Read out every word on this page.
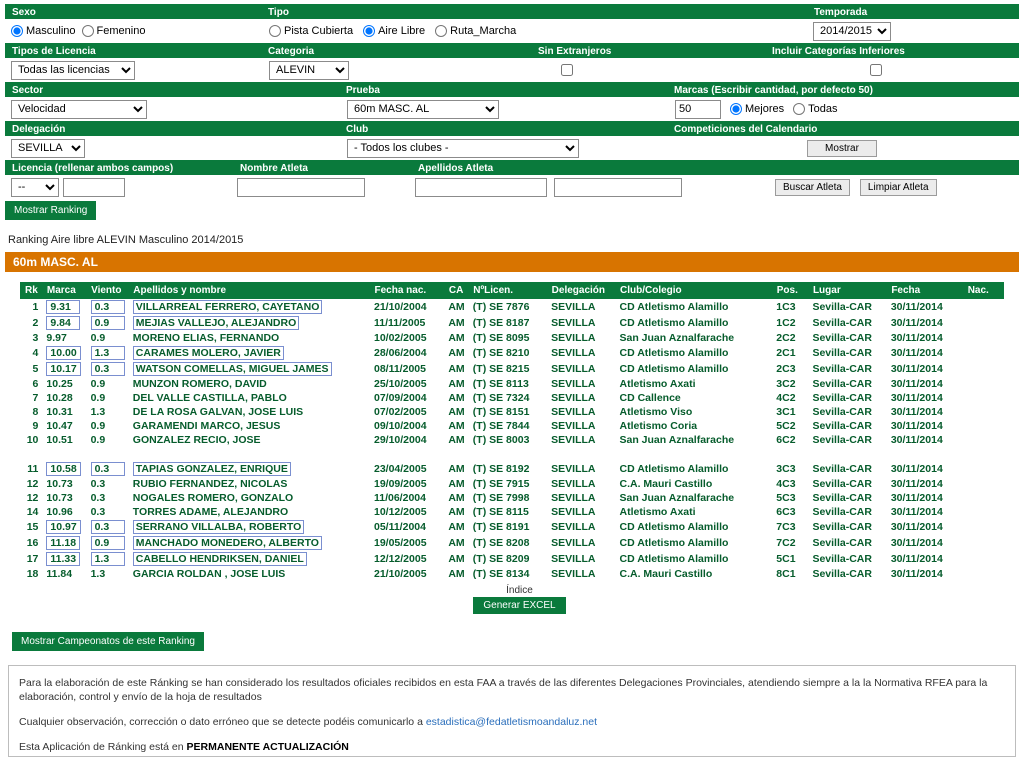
Sexo
Masculino Femenino
Tipo
Pista Cubierta Aire Libre Ruta_Marcha
Temporada
2014/2015
Tipos de Licencia
Todas las licencias	Categoria
ALEVIN	Sin Extranjeros	Incluir Categorías Inferiores
Sector
Velocidad	Prueba
60m MASC. AL	Marcas (Escribir cantidad, por defecto 50)
50
Mejores Todas
Delegación
SEVILLA	Club
- Todos los clubes -	Competiciones del Calendario
Mostrar
Licencia (rellenar ambos campos)
--	Nombre Atleta	Apellidos Atleta

Buscar Atleta	Limpiar Atleta
Mostrar Ranking
Ranking Aire libre ALEVIN Masculino 2014/2015
60m MASC. AL
Rk	Marca	Viento	Apellidos y nombre	Fecha nac.	CA	NºLicen.	Delegación	Club/Colegio	Pos.	Lugar	Fecha	Nac.
1	9.31	0.3	VILLARREAL FERRERO, CAYETANO	21/10/2004	AM	(T) SE 7876	SEVILLA	CD Atletismo Alamillo	1C3	Sevilla-CAR	30/11/2014	
2	9.84	0.9	MEJIAS VALLEJO, ALEJANDRO	11/11/2005	AM	(T) SE 8187	SEVILLA	CD Atletismo Alamillo	1C2	Sevilla-CAR	30/11/2014	
3	9.97	0.9	MORENO ELIAS, FERNANDO	10/02/2005	AM	(T) SE 8095	SEVILLA	San Juan Aznalfarache	2C2	Sevilla-CAR	30/11/2014	
4	10.00	1.3	CARAMES MOLERO, JAVIER	28/06/2004	AM	(T) SE 8210	SEVILLA	CD Atletismo Alamillo	2C1	Sevilla-CAR	30/11/2014	
5	10.17	0.3	WATSON COMELLAS, MIGUEL JAMES	08/11/2005	AM	(T) SE 8215	SEVILLA	CD Atletismo Alamillo	2C3	Sevilla-CAR	30/11/2014	
6	10.25	0.9	MUNZON ROMERO, DAVID	25/10/2005	AM	(T) SE 8113	SEVILLA	Atletismo Axati	3C2	Sevilla-CAR	30/11/2014	
7	10.28	0.9	DEL VALLE CASTILLA, PABLO	07/09/2004	AM	(T) SE 7324	SEVILLA	CD Callence	4C2	Sevilla-CAR	30/11/2014	
8	10.31	1.3	DE LA ROSA GALVAN, JOSE LUIS	07/02/2005	AM	(T) SE 8151	SEVILLA	Atletismo Viso	3C1	Sevilla-CAR	30/11/2014	
9	10.47	0.9	GARAMENDI MARCO, JESUS	09/10/2004	AM	(T) SE 7844	SEVILLA	Atletismo Coria	5C2	Sevilla-CAR	30/11/2014	
10	10.51	0.9	GONZALEZ RECIO, JOSE	29/10/2004	AM	(T) SE 8003	SEVILLA	San Juan Aznalfarache	6C2	Sevilla-CAR	30/11/2014	

11	10.58	0.3	TAPIAS GONZALEZ, ENRIQUE	23/04/2005	AM	(T) SE 8192	SEVILLA	CD Atletismo Alamillo	3C3	Sevilla-CAR	30/11/2014	
12	10.73	0.3	RUBIO FERNANDEZ, NICOLAS	19/09/2005	AM	(T) SE 7915	SEVILLA	C.A. Mauri Castillo	4C3	Sevilla-CAR	30/11/2014	
12	10.73	0.3	NOGALES ROMERO, GONZALO	11/06/2004	AM	(T) SE 7998	SEVILLA	San Juan Aznalfarache	5C3	Sevilla-CAR	30/11/2014	
14	10.96	0.3	TORRES ADAME, ALEJANDRO	10/12/2005	AM	(T) SE 8115	SEVILLA	Atletismo Axati	6C3	Sevilla-CAR	30/11/2014	
15	10.97	0.3	SERRANO VILLALBA, ROBERTO	05/11/2004	AM	(T) SE 8191	SEVILLA	CD Atletismo Alamillo	7C3	Sevilla-CAR	30/11/2014	
16	11.18	0.9	MANCHADO MONEDERO, ALBERTO	19/05/2005	AM	(T) SE 8208	SEVILLA	CD Atletismo Alamillo	7C2	Sevilla-CAR	30/11/2014	
17	11.33	1.3	CABELLO HENDRIKSEN, DANIEL	12/12/2005	AM	(T) SE 8209	SEVILLA	CD Atletismo Alamillo	5C1	Sevilla-CAR	30/11/2014	
18	11.84	1.3	GARCIA ROLDAN , JOSE LUIS	21/10/2005	AM	(T) SE 8134	SEVILLA	C.A. Mauri Castillo	8C1	Sevilla-CAR	30/11/2014	
Índice
Generar EXCEL
Mostrar Campeonatos de este Ranking

Para la elaboración de este Ránking se han considerado los resultados oficiales recibidos en esta FAA a través de las diferentes Delegaciones Provinciales, atendiendo siempre a la la Normativa RFEA para la elaboración, control y envío de la hoja de resultados

Cualquier observación, corrección o dato erróneo que se detecte podéis comunicarlo a estadistica@fedatletismoandaluz.net

Esta Aplicación de Ránking está en PERMANENTE ACTUALIZACIÓN
